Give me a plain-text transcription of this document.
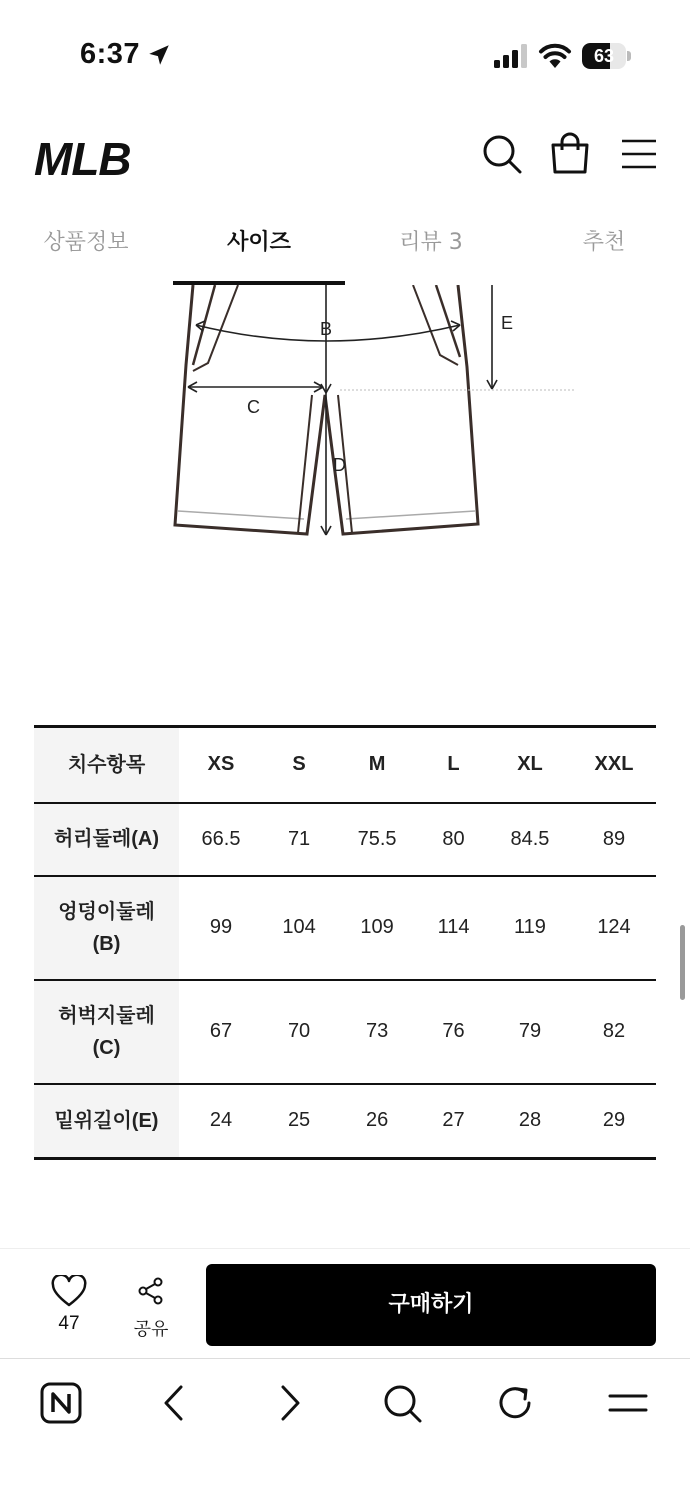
6:37	63
MLB
상품정보	사이즈	리뷰 3	추천
B
C
D
E
치수항목	XS	S	M	L	XL	XXL
허리둘레(A)	66.5	71	75.5	80	84.5	89
엉덩이둘레
(B)	99	104	109	114	119	124
허벅지둘레
(C)	67	70	73	76	79	82
밑위길이(E)	24	25	26	27	28	29
47	공유
구매하기
